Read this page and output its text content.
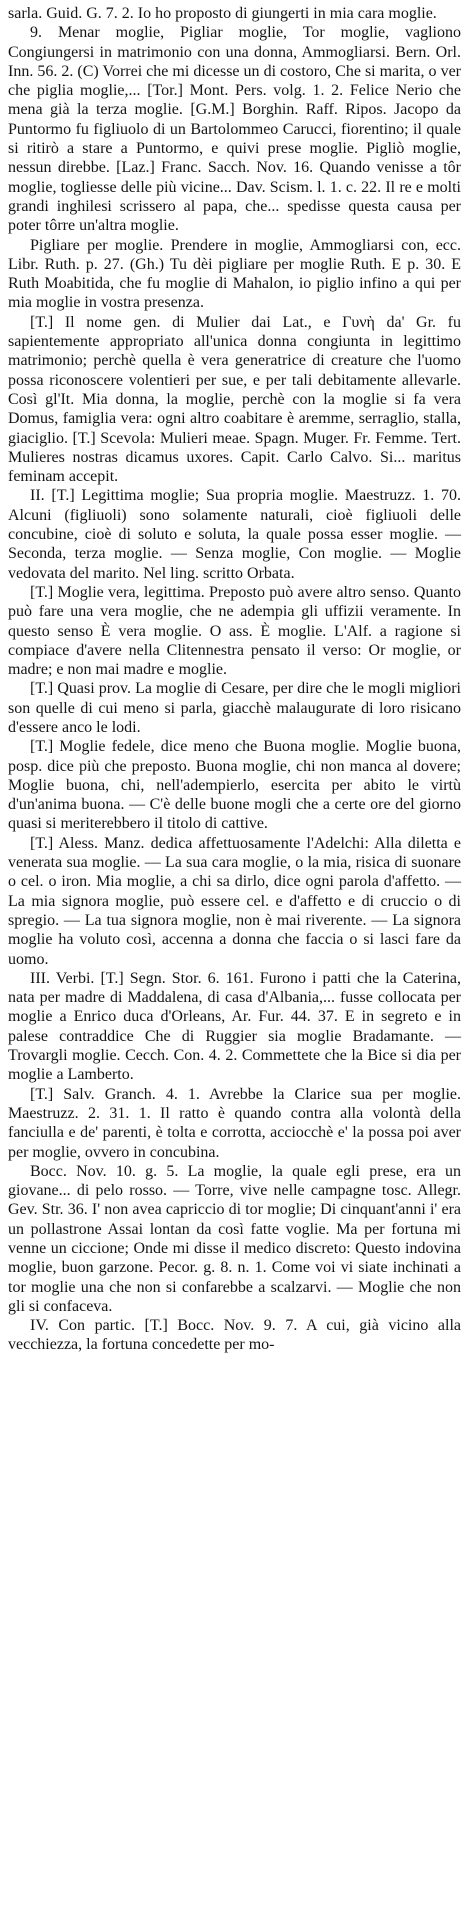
sarla. Guid. G. 7. 2. Io ho proposto di giungerti in mia cara moglie.

9. Menar moglie, Pigliar moglie, Tor moglie, vagliono Congiungersi in matrimonio con una donna, Ammogliarsi. Bern. Orl. Inn. 56. 2. (C) Vorrei che mi dicesse un di costoro, Che si marita, o ver che piglia moglie,... [Tor.] Mont. Pers. volg. 1. 2. Felice Nerio che mena già la terza moglie. [G.M.] Borghin. Raff. Ripos. Jacopo da Puntormo fu figliuolo di un Bartolommeo Carucci, fiorentino; il quale si ritirò a stare a Puntormo, e quivi prese moglie. Pigliò moglie, nessun direbbe. [Laz.] Franc. Sacch. Nov. 16. Quando venisse a tôr moglie, togliesse delle più vicine... Dav. Scism. l. 1. c. 22. Il re e molti grandi inghilesi scrissero al papa, che... spedisse questa causa per poter tôrre un'altra moglie.

Pigliare per moglie. Prendere in moglie, Ammogliarsi con, ecc. Libr. Ruth. p. 27. (Gh.) Tu dèi pigliare per moglie Ruth. E p. 30. E Ruth Moabitida, che fu moglie di Mahalon, io piglio infino a qui per mia moglie in vostra presenza.

[T.] Il nome gen. di Mulier dai Lat., e Γυνὴ da' Gr. fu sapientemente appropriato all'unica donna congiunta in legittimo matrimonio; perchè quella è vera generatrice di creature che l'uomo possa riconoscere volentieri per sue, e per tali debitamente allevarle. Così gl'It. Mia donna, la moglie, perchè con la moglie si fa vera Domus, famiglia vera: ogni altro coabitare è aremme, serraglio, stalla, giaciglio. [T.] Scevola: Mulieri meae. Spagn. Muger. Fr. Femme. Tert. Mulieres nostras dicamus uxores. Capit. Carlo Calvo. Si... maritus feminam accepit.

II. [T.] Legittima moglie; Sua propria moglie. Maestruzz. 1. 70. Alcuni (figliuoli) sono solamente naturali, cioè figliuoli delle concubine, cioè di soluto e soluta, la quale possa esser moglie. — Seconda, terza moglie. — Senza moglie, Con moglie. — Moglie vedovata del marito. Nel ling. scritto Orbata.

[T.] Moglie vera, legittima. Preposto può avere altro senso. Quanto può fare una vera moglie, che ne adempia gli uffizii veramente. In questo senso È vera moglie. O ass. È moglie. L'Alf. a ragione si compiace d'avere nella Clitennestra pensato il verso: Or moglie, or madre; e non mai madre e moglie.

[T.] Quasi prov. La moglie di Cesare, per dire che le mogli migliori son quelle di cui meno si parla, giacchè malaugurate di loro risicano d'essere anco le lodi.

[T.] Moglie fedele, dice meno che Buona moglie. Moglie buona, posp. dice più che preposto. Buona moglie, chi non manca al dovere; Moglie buona, chi, nell'adempierlo, esercita per abito le virtù d'un'anima buona. — C'è delle buone mogli che a certe ore del giorno quasi si meriterebbero il titolo di cattive.

[T.] Aless. Manz. dedica affettuosamente l'Adelchi: Alla diletta e venerata sua moglie. — La sua cara moglie, o la mia, risica di suonare o cel. o iron. Mia moglie, a chi sa dirlo, dice ogni parola d'affetto. — La mia signora moglie, può essere cel. e d'affetto e di cruccio o di spregio. — La tua signora moglie, non è mai riverente. — La signora moglie ha voluto così, accenna a donna che faccia o si lasci fare da uomo.

III. Verbi. [T.] Segn. Stor. 6. 161. Furono i patti che la Caterina, nata per madre di Maddalena, di casa d'Albania,... fusse collocata per moglie a Enrico duca d'Orleans, Ar. Fur. 44. 37. E in segreto e in palese contraddice Che di Ruggier sia moglie Bradamante. — Trovargli moglie. Cecch. Con. 4. 2. Commettete che la Bice si dia per moglie a Lamberto.

[T.] Salv. Granch. 4. 1. Avrebbe la Clarice sua per moglie. Maestruzz. 2. 31. 1. Il ratto è quando contra alla volontà della fanciulla e de' parenti, è tolta e corrotta, acciocchè e' la possa poi aver per moglie, ovvero in concubina.

Bocc. Nov. 10. g. 5. La moglie, la quale egli prese, era un giovane... di pelo rosso. — Torre, vive nelle campagne tosc. Allegr. Gev. Str. 36. I' non avea capriccio di tor moglie; Di cinquant'anni i' era un pollastrone Assai lontan da così fatte voglie. Ma per fortuna mi venne un ciccione; Onde mi disse il medico discreto: Questo indovina moglie, buon garzone. Pecor. g. 8. n. 1. Come voi vi siate inchinati a tor moglie una che non si confarebbe a scalzarvi. — Moglie che non gli si confaceva.

IV. Con partic. [T.] Bocc. Nov. 9. 7. A cui, già vicino alla vecchiezza, la fortuna concedette per mo-
